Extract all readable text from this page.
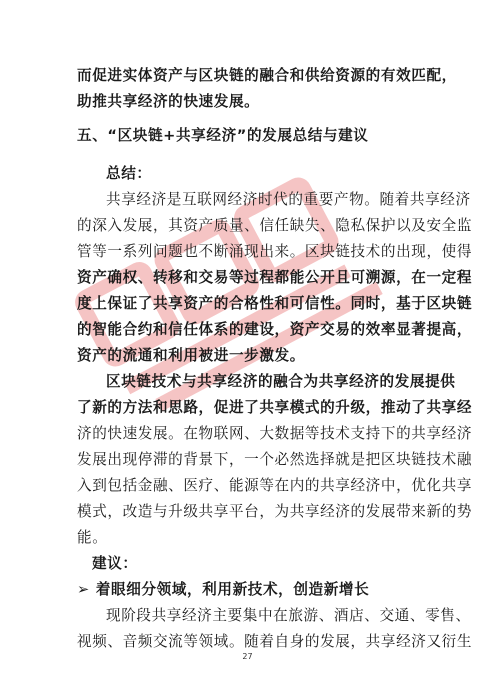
而促进实体资产与区块链的融合和供给资源的有效匹配，
助推共享经济的快速发展。
五、“区块链+共享经济”的发展总结与建议
总结：
共享经济是互联网经济时代的重要产物。随着共享经济
的深入发展，其资产质量、信任缺失、隐私保护以及安全监
管等一系列问题也不断涌现出来。区块链技术的出现，使得
资产确权、转移和交易等过程都能公开且可溯源，在一定程
度上保证了共享资产的合格性和可信性。同时，基于区块链
的智能合约和信任体系的建设，资产交易的效率显著提高，
资产的流通和利用被进一步激发。
区块链技术与共享经济的融合为共享经济的发展提供
了新的方法和思路，促进了共享模式的升级，推动了共享经
济的快速发展。在物联网、大数据等技术支持下的共享经济
发展出现停滞的背景下，一个必然选择就是把区块链技术融
入到包括金融、医疗、能源等在内的共享经济中，优化共享
模式，改造与升级共享平台，为共享经济的发展带来新的势
能。
建议：
➢ 着眼细分领域，利用新技术，创造新增长
现阶段共享经济主要集中在旅游、酒店、交通、零售、
视频、音频交流等领域。随着自身的发展，共享经济又衍生
27
